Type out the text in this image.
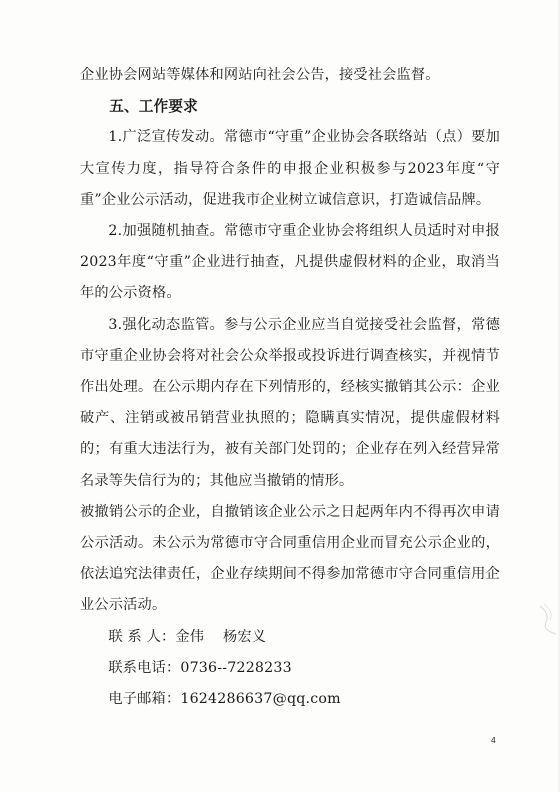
企业协会网站等媒体和网站向社会公告，接受社会监督。

五、工作要求

1.广泛宣传发动。常德市“守重”企业协会各联络站（点）要加大宣传力度，指导符合条件的申报企业积极参与2023年度“守重”企业公示活动，促进我市企业树立诚信意识，打造诚信品牌。

2.加强随机抽查。常德市守重企业协会将组织人员适时对申报2023年度“守重”企业进行抽查，凡提供虚假材料的企业，取消当年的公示资格。

3.强化动态监管。参与公示企业应当自觉接受社会监督，常德市守重企业协会将对社会公众举报或投诉进行调查核实，并视情节作出处理。在公示期内存在下列情形的，经核实撤销其公示：企业破产、注销或被吊销营业执照的；隐瞒真实情况，提供虚假材料的；有重大违法行为，被有关部门处罚的；企业存在列入经营异常名录等失信行为的；其他应当撤销的情形。

被撤销公示的企业，自撤销该企业公示之日起两年内不得再次申请公示活动。未公示为常德市守合同重信用企业而冒充公示企业的，依法追究法律责任，企业存续期间不得参加常德市守合同重信用企业公示活动。

联 系 人：金伟    杨宏义

联系电话：0736--7228233

电子邮箱：1624286637@qq.com

4
